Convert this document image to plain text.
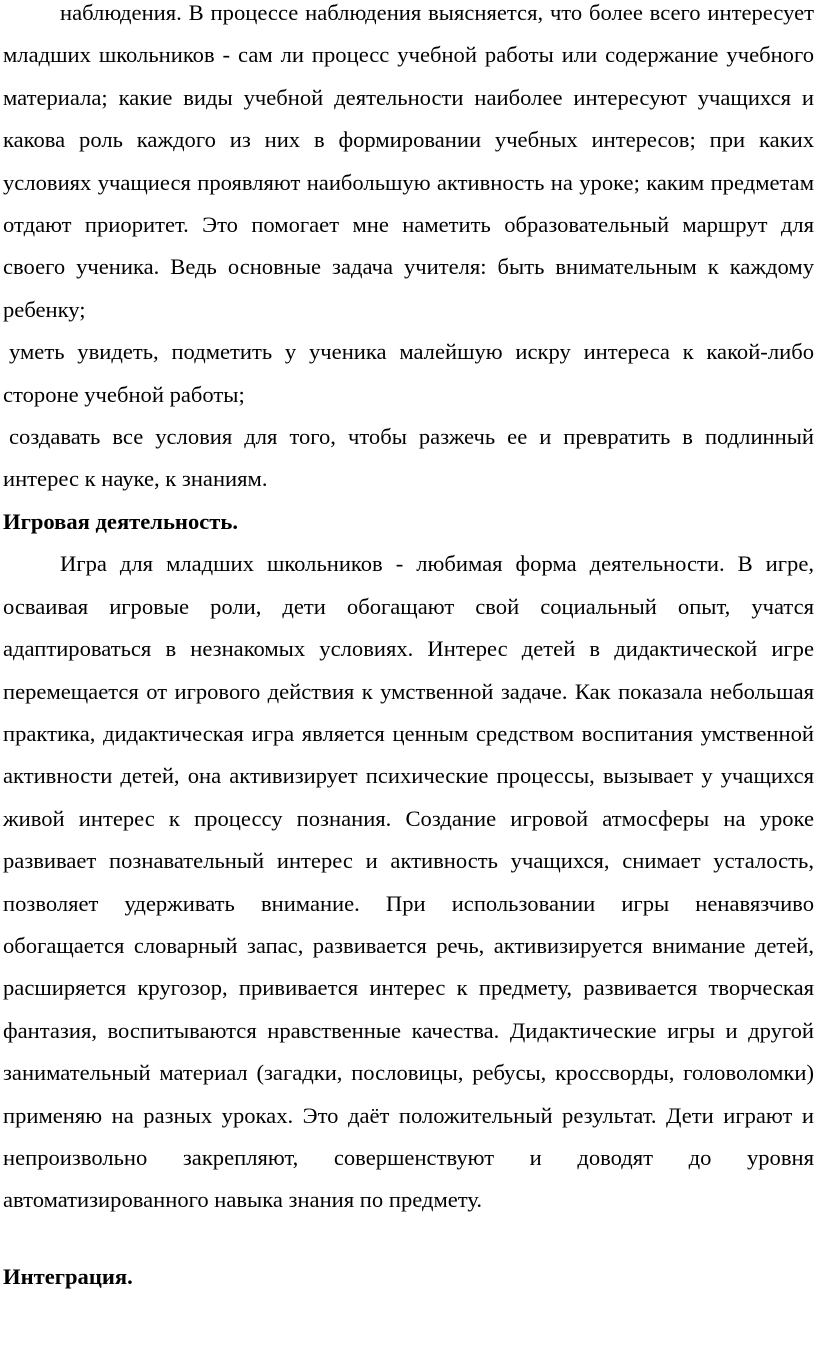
наблюдения. В процессе наблюдения выясняется, что более всего интересует младших школьников - сам ли процесс учебной работы или содержание учебного материала; какие виды учебной деятельности наиболее интересуют учащихся и какова роль каждого из них в формировании учебных интересов; при каких условиях учащиеся проявляют наибольшую активность на уроке; каким предметам отдают приоритет. Это помогает мне наметить образовательный маршрут для своего ученика. Ведь основные задача учителя: быть внимательным к каждому ребенку;

уметь увидеть, подметить у ученика малейшую искру интереса к какой-либо стороне учебной работы;

создавать все условия для того, чтобы разжечь ее и превратить в подлинный интерес к науке, к знаниям.

Игровая деятельность.

Игра для младших школьников - любимая форма деятельности. В игре, осваивая игровые роли, дети обогащают свой социальный опыт, учатся адаптироваться в незнакомых условиях. Интерес детей в дидактической игре перемещается от игрового действия к умственной задаче. Как показала небольшая практика, дидактическая игра является ценным средством воспитания умственной активности детей, она активизирует психические процессы, вызывает у учащихся живой интерес к процессу познания. Создание игровой атмосферы на уроке развивает познавательный интерес и активность учащихся, снимает усталость, позволяет удерживать внимание. При использовании игры ненавязчиво обогащается словарный запас, развивается речь, активизируется внимание детей, расширяется кругозор, прививается интерес к предмету, развивается творческая фантазия, воспитываются нравственные качества. Дидактические игры и другой занимательный материал (загадки, пословицы, ребусы, кроссворды, головоломки) применяю на разных уроках. Это даёт положительный результат. Дети играют и непроизвольно закрепляют, совершенствуют и доводят до уровня автоматизированного навыка знания по предмету.

Интеграция.
